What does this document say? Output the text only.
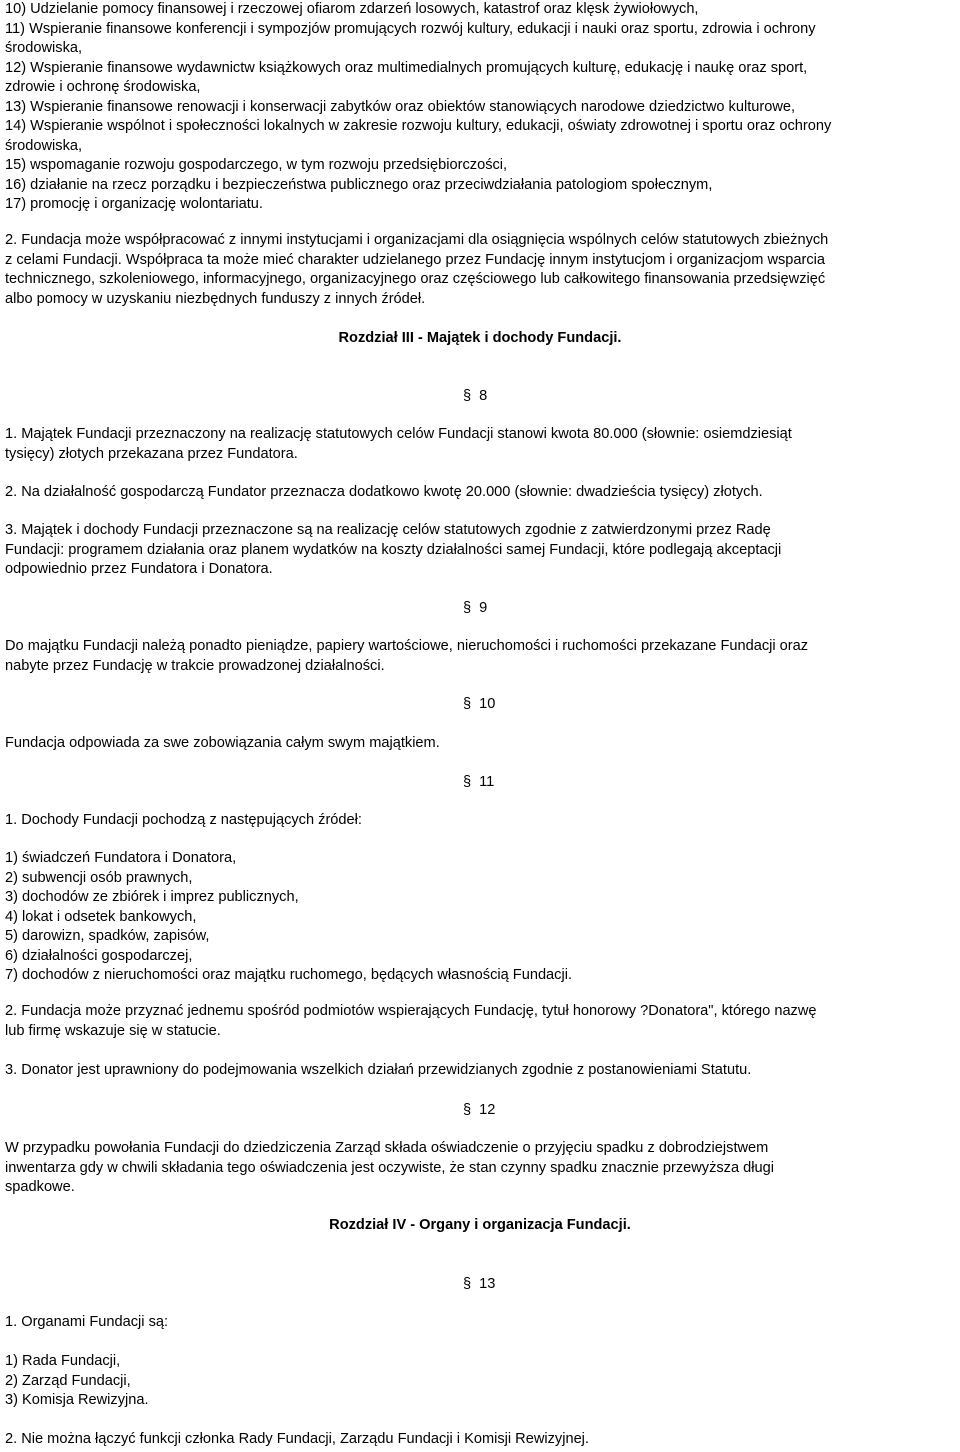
10) Udzielanie pomocy finansowej i rzeczowej ofiarom zdarzeń losowych, katastrof oraz klęsk żywiołowych,
11) Wspieranie finansowe konferencji i sympozjów promujących rozwój kultury, edukacji i nauki oraz sportu, zdrowia i ochrony
środowiska,
12) Wspieranie finansowe wydawnictw książkowych oraz multimedialnych promujących kulturę, edukację i naukę oraz sport,
zdrowie i ochronę środowiska,
13) Wspieranie finansowe renowacji i konserwacji zabytków oraz obiektów stanowiących narodowe dziedzictwo kulturowe,
14) Wspieranie wspólnot i społeczności lokalnych w zakresie rozwoju kultury, edukacji, oświaty zdrowotnej i sportu oraz ochrony
środowiska,
15) wspomaganie rozwoju gospodarczego, w tym rozwoju przedsiębiorczości,
16) działanie na rzecz porządku i bezpieczeństwa publicznego oraz przeciwdziałania patologiom społecznym,
17) promocję i organizację wolontariatu.
2. Fundacja może współpracować z innymi instytucjami i organizacjami dla osiągnięcia wspólnych celów statutowych zbieżnych
z celami Fundacji. Współpraca ta może mieć charakter udzielanego przez Fundację innym instytucjom i organizacjom wsparcia
technicznego, szkoleniowego, informacyjnego, organizacyjnego oraz częściowego lub całkowitego finansowania przedsięwzięć
albo pomocy w uzyskaniu niezbędnych funduszy z innych źródeł.
Rozdział III - Majątek i dochody Fundacji.
§ 8
1. Majątek Fundacji przeznaczony na realizację statutowych celów Fundacji stanowi kwota 80.000 (słownie: osiemdziesiąt
tysięcy) złotych przekazana przez Fundatora.
2. Na działalność gospodarczą Fundator przeznacza dodatkowo kwotę 20.000 (słownie: dwadzieścia tysięcy) złotych.
3. Majątek i dochody Fundacji przeznaczone są na realizację celów statutowych zgodnie z zatwierdzonymi przez Radę
Fundacji: programem działania oraz planem wydatków na koszty działalności samej Fundacji, które podlegają akceptacji
odpowiednio przez Fundatora i Donatora.
§ 9
Do majątku Fundacji należą ponadto pieniądze, papiery wartościowe, nieruchomości i ruchomości przekazane Fundacji oraz
nabyte przez Fundację w trakcie prowadzonej działalności.
§ 10
Fundacja odpowiada za swe zobowiązania całym swym majątkiem.
§ 11
1. Dochody Fundacji pochodzą z następujących źródeł:
1) świadczeń Fundatora i Donatora,
2) subwencji osób prawnych,
3) dochodów ze zbiórek i imprez publicznych,
4) lokat i odsetek bankowych,
5) darowizn, spadków, zapisów,
6) działalności gospodarczej,
7) dochodów z nieruchomości oraz majątku ruchomego, będących własnością Fundacji.
2. Fundacja może przyznać jednemu spośród podmiotów wspierających Fundację, tytuł honorowy ?Donatora", którego nazwę
lub firmę wskazuje się w statucie.
3. Donator jest uprawniony do podejmowania wszelkich działań przewidzianych zgodnie z postanowieniami Statutu.
§ 12
W przypadku powołania Fundacji do dziedziczenia Zarząd składa oświadczenie o przyjęciu spadku z dobrodziejstwem
inwentarza gdy w chwili składania tego oświadczenia jest oczywiste, że stan czynny spadku znacznie przewyższa długi
spadkowe.
Rozdział IV - Organy i organizacja Fundacji.
§ 13
1. Organami Fundacji są:
1) Rada Fundacji,
2) Zarząd Fundacji,
3) Komisja Rewizyjna.
2. Nie można łączyć funkcji członka Rady Fundacji, Zarządu Fundacji i Komisji Rewizyjnej.
